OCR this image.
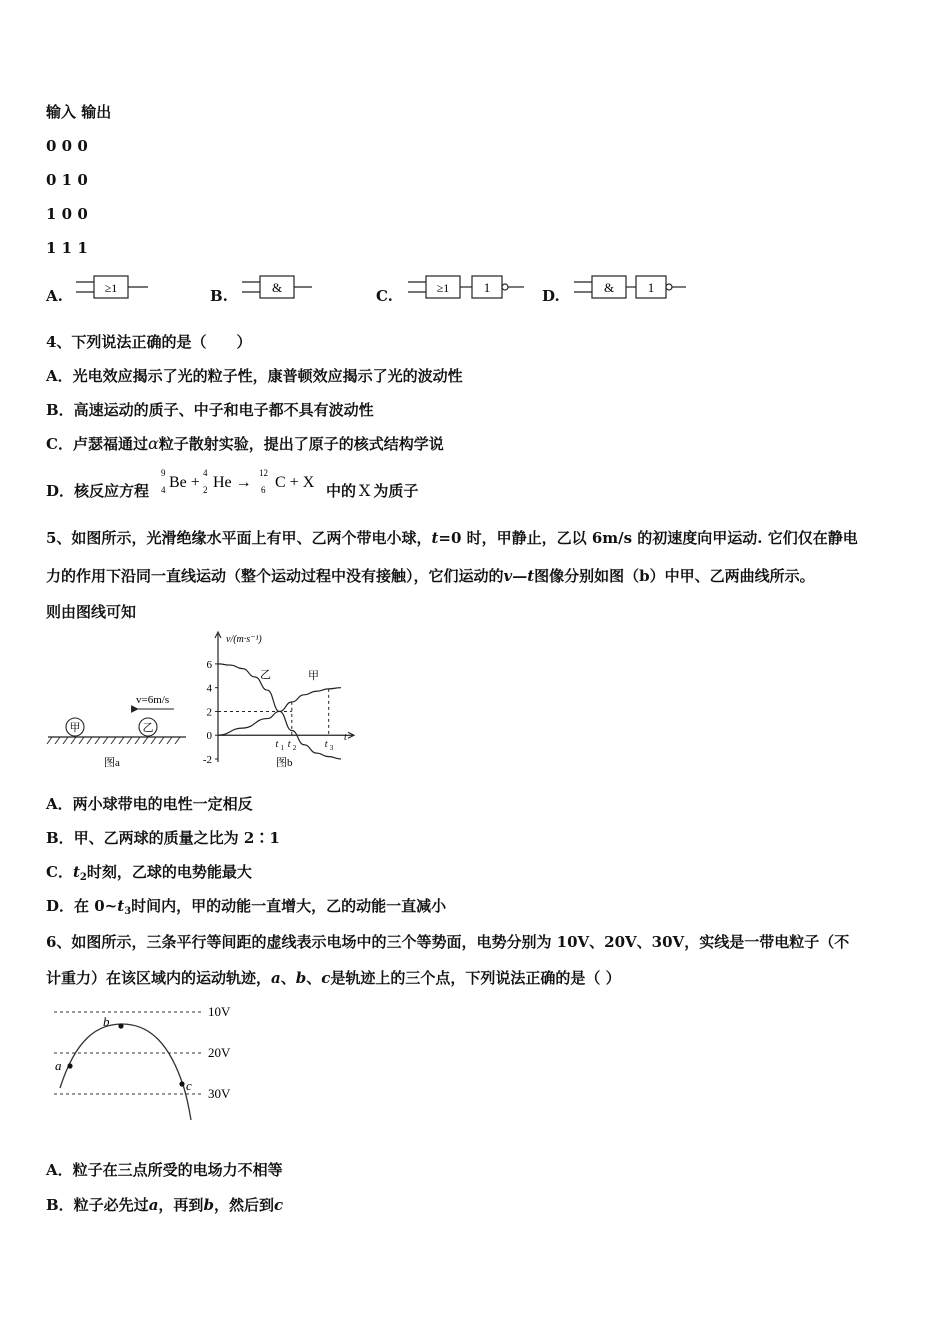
输入 输出
0 0 0
0 1 0
1 0 0
1 1 1
A.	≥1	B.	&	C.	≥1	1	D.	&	1
4、下列说法正确的是（　　）
A．光电效应揭示了光的粒子性，康普顿效应揭示了光的波动性
B．高速运动的质子、中子和电子都不具有波动性
C．卢瑟福通过α粒子散射实验，提出了原子的核式结构学说
D．核反应方程
9
4 Be +
4
2 He →
12
6 C + X 中的 X 为质子
5、如图所示，光滑绝缘水平面上有甲、乙两个带电小球，t=0 时，甲静止，乙以 6m/s 的初速度向甲运动. 它们仅在静电
力的作用下沿同一直线运动（整个运动过程中没有接触），它们运动的v—t图像分别如图（b）中甲、乙两曲线所示。
则由图线可知
甲	乙
v=6m/s
图a
6
4
2
0
-2
t 1 t 2	t 3
v/(m·s⁻¹)
t
图b
乙	甲
A．两小球带电的电性一定相反
B．甲、乙两球的质量之比为 2∶1
C．$t_2$时刻，乙球的电势能最大
D．在 $0\sim t_3$时间内，甲的动能一直增大，乙的动能一直减小
6、如图所示，三条平行等间距的虚线表示电场中的三个等势面，电势分别为 10V、20V、30V，实线是一带电粒子（不
计重力）在该区域内的运动轨迹，a、b、c是轨迹上的三个点，下列说法正确的是（ ）
10V
20V
30V
a
b
c
A．粒子在三点所受的电场力不相等
B．粒子必先过a，再到b，然后到c
